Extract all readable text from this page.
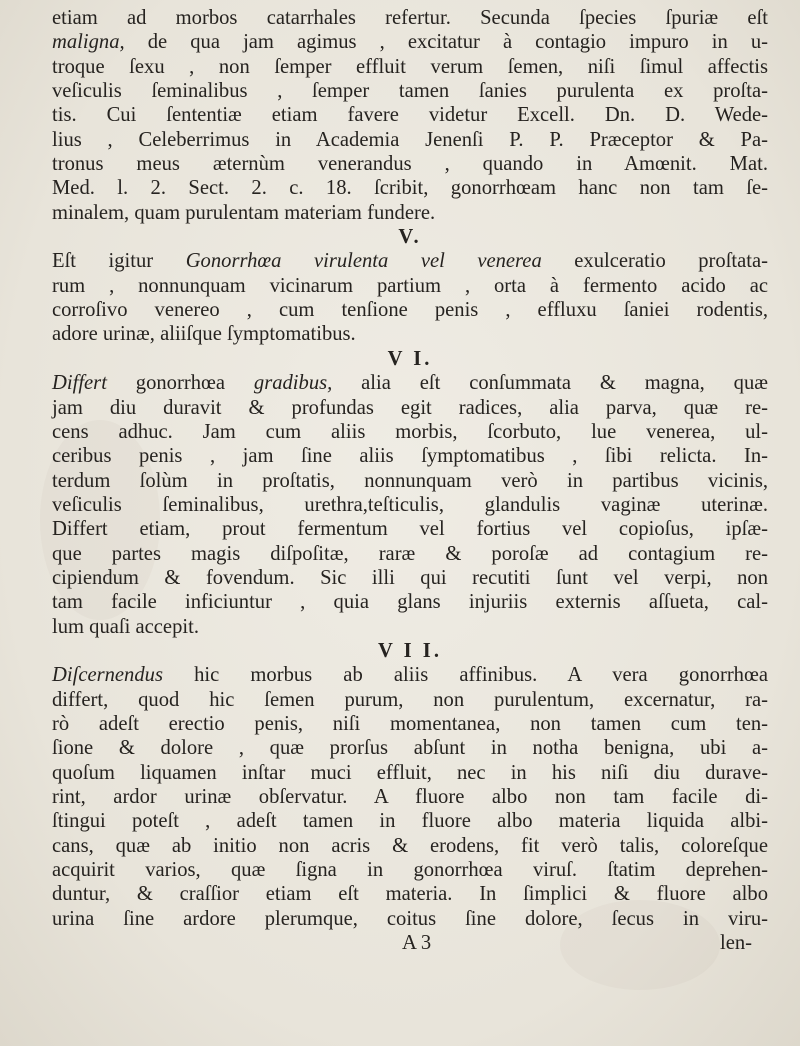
etiam ad morbos catarrhales refertur. Secunda ſpecies ſpuriæ eſt
maligna, de qua jam agimus , excitatur à contagio impuro in u-
troque ſexu , non ſemper effluit verum ſemen, niſi ſimul affectis
veſiculis ſeminalibus , ſemper tamen ſanies purulenta ex proſta-
tis. Cui ſententiæ etiam favere videtur Excell. Dn. D. Wede-
lius , Celeberrimus in Academia Jenenſi P. P. Præceptor & Pa-
tronus meus æternùm venerandus , quando in Amœnit. Mat.
Med. l. 2. Sect. 2. c. 18. ſcribit, gonorrhœam hanc non tam ſe-
minalem, quam purulentam materiam fundere.
V.
Eſt igitur Gonorrhœa virulenta vel venerea exulceratio proſtata-
rum , nonnunquam vicinarum partium , orta à fermento acido ac
corroſivo venereo , cum tenſione penis , effluxu ſaniei rodentis,
adore urinæ, aliiſque ſymptomatibus.
V I.
Differt gonorrhœa gradibus, alia eſt conſummata & magna, quæ
jam diu duravit & profundas egit radices, alia parva, quæ re-
cens adhuc. Jam cum aliis morbis, ſcorbuto, lue venerea, ul-
ceribus penis , jam ſine aliis ſymptomatibus , ſibi relicta. In-
terdum ſolùm in proſtatis, nonnunquam verò in partibus vicinis,
veſiculis ſeminalibus, urethra,teſticulis, glandulis vaginæ uterinæ.
Differt etiam, prout fermentum vel fortius vel copioſus, ipſæ-
que partes magis diſpoſitæ, raræ & poroſæ ad contagium re-
cipiendum & fovendum. Sic illi qui recutiti ſunt vel verpi, non
tam facile inficiuntur , quia glans injuriis externis aſſueta, cal-
lum quaſi accepit.
V I I.
Diſcernendus hic morbus ab aliis affinibus. A vera gonorrhœa
differt, quod hic ſemen purum, non purulentum, excernatur, ra-
rò adeſt erectio penis, niſi momentanea, non tamen cum ten-
ſione & dolore , quæ prorſus abſunt in notha benigna, ubi a-
quoſum liquamen inſtar muci effluit, nec in his niſi diu durave-
rint, ardor urinæ obſervatur. A fluore albo non tam facile di-
ſtingui poteſt , adeſt tamen in fluore albo materia liquida albi-
cans, quæ ab initio non acris & erodens, fit verò talis, coloreſque
acquirit varios, quæ ſigna in gonorrhœa viruſ. ſtatim deprehen-
duntur, & craſſior etiam eſt materia. In ſimplici & fluore albo
urina ſine ardore plerumque, coitus ſine dolore, ſecus in viru-
A 3	len-
